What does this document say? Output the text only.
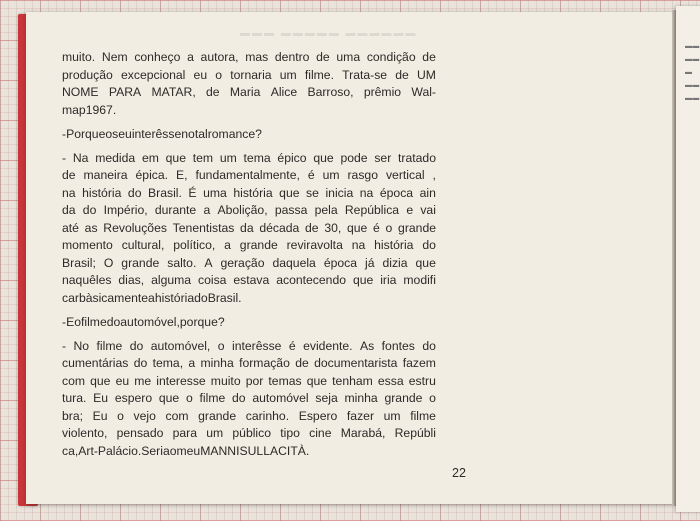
▬▬
▬▬
▬
▬▬
▬▬
▬▬▬ ▬▬▬▬▬ ▬▬▬▬▬▬
muito. Nem conheço a autora, mas dentro de uma condição de
produção excepcional eu o tornaria um filme. Trata-se de UM
NOME PARA MATAR, de Maria Alice Barroso, prêmio Wal-
map 1967.
- Porque o seu interêsse no tal romance ?
- Na medida em que tem um tema épico que pode ser tratado
de maneira épica. E, fundamentalmente, é um rasgo vertical ,
na história do Brasil. É uma história que se inicia na época ain
da do Império, durante a Abolição, passa pela República e vai
até as Revoluções Tenentistas da década de 30, que é o grande
momento cultural, político, a grande reviravolta na história do
Brasil; O grande salto. A geração daquela época já dizia que
naquêles dias, alguma coisa estava acontecendo que iria modifi
car bàsicamente a história do Brasil.
- E o filme do automóvel, porque ?
- No filme do automóvel, o interêsse é evidente. As fontes do
cumentárias do tema, a minha formação de documentarista fazem
com que eu me interesse muito por temas que tenham essa estru
tura. Eu espero que o filme do automóvel seja minha grande o
bra; Eu o vejo com grande carinho. Espero fazer um filme
violento, pensado para um público tipo cine Marabá, Repúbli
ca, Art-Palácio. Seria o meu MANNI SULLA CITÀ.
22
